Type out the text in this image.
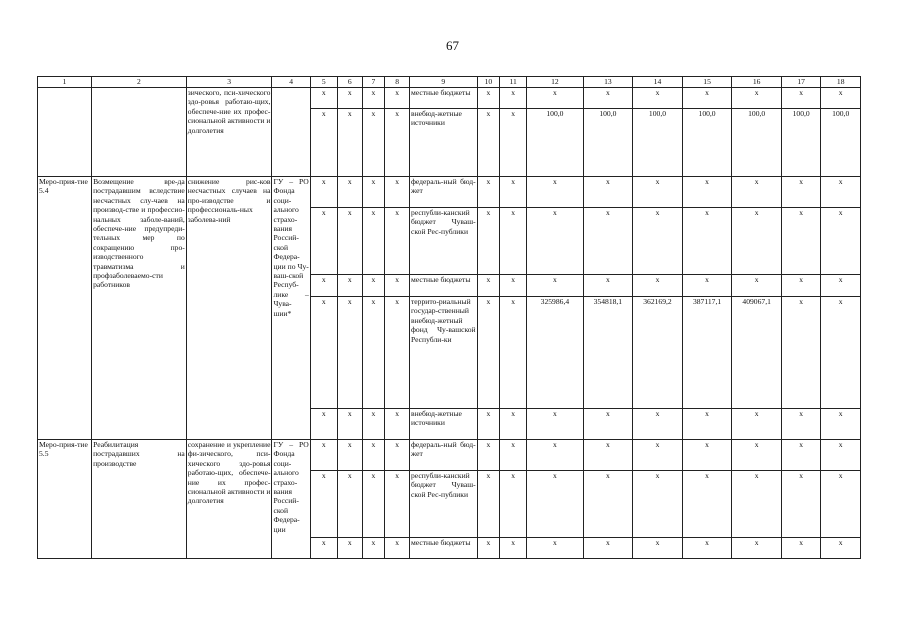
67
1	2	3	4	5	6	7	8	9	10	11	12	13	14	15	16	17	18
		зического, пси-хического здо-ровья работаю-щих, обеспече-ние их профес-сиональной активности и долголетия		x	x	x	x	местные бюджеты	x	x	x	x	x	x	x	x	x
				x	x	x	x	внебюд-жетные источники	x	x	100,0	100,0	100,0	100,0	100,0	100,0	100,0
Меро-прия-тие 5.4	Возмещение вре-да пострадавшим вследствие несчастных слу-чаев на производ-стве и профессио-нальных заболе-ваний, обеспече-ние предупреди-тельных мер по сокращению про-изводственного травматизма и профзаболеваемо-сти работников	снижение рис-ков несчастных случаев на про-изводстве и профессиональ-ных заболева-ний	ГУ – РО Фонда соци-ального страхо-вания Россий-ской Федера-ции по Чу-ваш-ской Респуб-лике – Чува-шии*	x	x	x	x	федераль-ный бюд-жет	x	x	x	x	x	x	x	x	x
				x	x	x	x	республи-канский бюджет Чуваш-ской Рес-публики	x	x	x	x	x	x	x	x	x
				x	x	x	x	местные бюджеты	x	x	x	x	x	x	x	x	x
				x	x	x	x	террито-риальный государ-ственный внебюд-жетный фонд Чу-вашской Республи-ки	x	x	325986,4	354818,1	362169,2	387117,1	409067,1	x	x
				x	x	x	x	внебюд-жетные источники	x	x	x	x	x	x	x	x	x
Меро-прия-тие 5.5	Реабилитация пострадавших на производстве	сохранение и укрепление фи-зического, пси-хического здо-ровья работаю-щих, обеспече-ние их профес-сиональной активности и долголетия	ГУ – РО Фонда соци-ального страхо-вания Россий-ской Федера-ции	x	x	x	x	федераль-ный бюд-жет	x	x	x	x	x	x	x	x	x
				x	x	x	x	республи-канский бюджет Чуваш-ской Рес-публики	x	x	x	x	x	x	x	x	x
				x	x	x	x	местные бюджеты	x	x	x	x	x	x	x	x	x
